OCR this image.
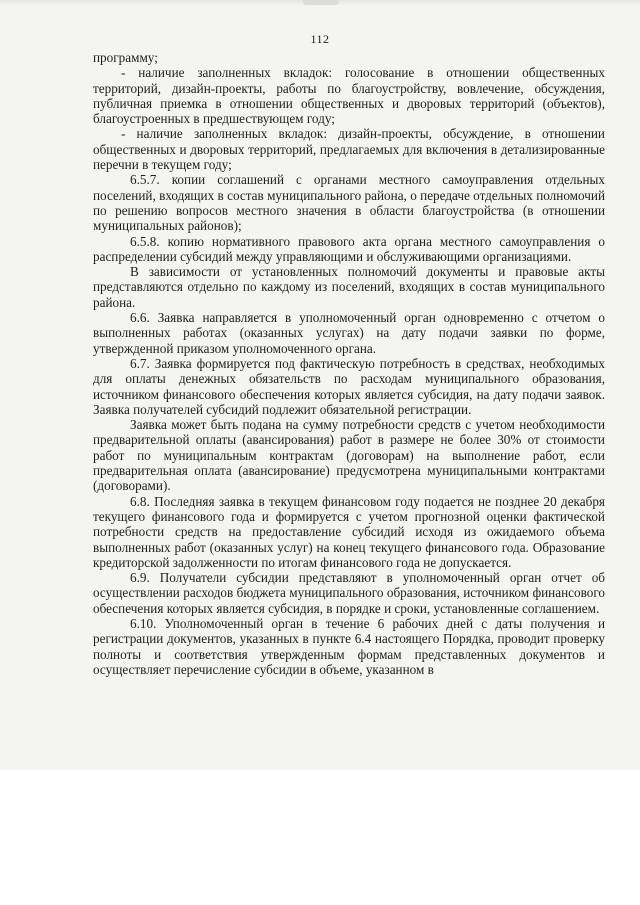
112

программу;

- наличие заполненных вкладок: голосование в отношении общественных территорий, дизайн-проекты, работы по благоустройству, вовлечение, обсуждения, публичная приемка в отношении общественных и дворовых территорий (объектов), благоустроенных в предшествующем году;

- наличие заполненных вкладок: дизайн-проекты, обсуждение, в отношении общественных и дворовых территорий, предлагаемых для включения в детализированные перечни в текущем году;

6.5.7. копии соглашений с органами местного самоуправления отдельных поселений, входящих в состав муниципального района, о передаче отдельных полномочий по решению вопросов местного значения в области благоустройства (в отношении муниципальных районов);

6.5.8. копию нормативного правового акта органа местного самоуправления о распределении субсидий между управляющими и обслуживающими организациями.

В зависимости от установленных полномочий документы и правовые акты представляются отдельно по каждому из поселений, входящих в состав муниципального района.

6.6. Заявка направляется в уполномоченный орган одновременно с отчетом о выполненных работах (оказанных услугах) на дату подачи заявки по форме, утвержденной приказом уполномоченного органа.

6.7. Заявка формируется под фактическую потребность в средствах, необходимых для оплаты денежных обязательств по расходам муниципального образования, источником финансового обеспечения которых является субсидия, на дату подачи заявок. Заявка получателей субсидий подлежит обязательной регистрации.

Заявка может быть подана на сумму потребности средств с учетом необходимости предварительной оплаты (авансирования) работ в размере не более 30% от стоимости работ по муниципальным контрактам (договорам) на выполнение работ, если предварительная оплата (авансирование) предусмотрена муниципальными контрактами (договорами).

6.8. Последняя заявка в текущем финансовом году подается не позднее 20 декабря текущего финансового года и формируется с учетом прогнозной оценки фактической потребности средств на предоставление субсидий исходя из ожидаемого объема выполненных работ (оказанных услуг) на конец текущего финансового года. Образование кредиторской задолженности по итогам финансового года не допускается.

6.9. Получатели субсидии представляют в уполномоченный орган отчет об осуществлении расходов бюджета муниципального образования, источником финансового обеспечения которых является субсидия, в порядке и сроки, установленные соглашением.

6.10. Уполномоченный орган в течение 6 рабочих дней с даты получения и регистрации документов, указанных в пункте 6.4 настоящего Порядка, проводит проверку полноты и соответствия утвержденным формам представленных документов и осуществляет перечисление субсидии в объеме, указанном в
